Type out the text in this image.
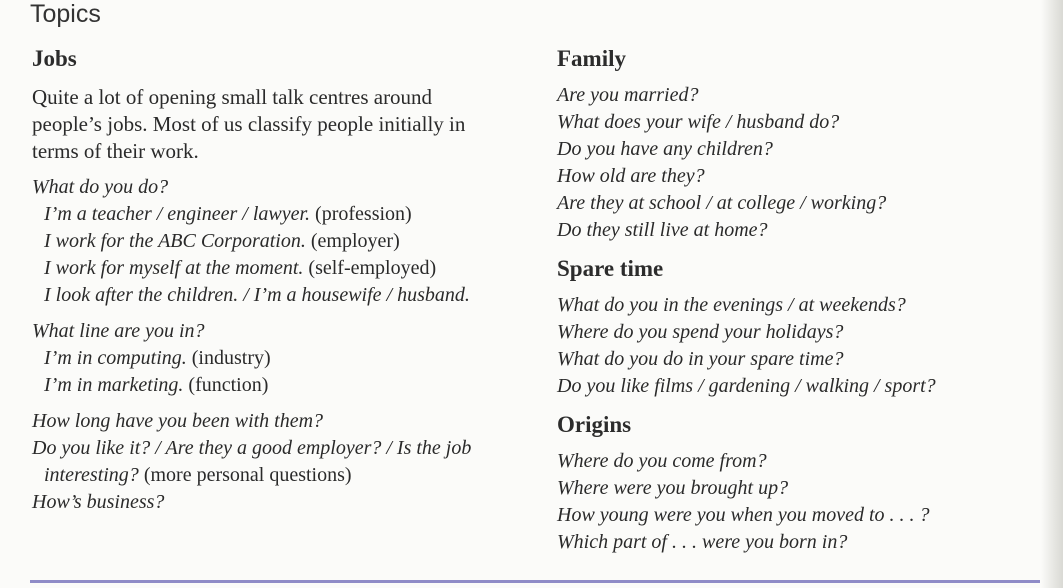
Topics
Jobs
Quite a lot of opening small talk centres around
people’s jobs. Most of us classify people initially in
terms of their work.
What do you do?
I’m a teacher / engineer / lawyer. (profession)
I work for the ABC Corporation. (employer)
I work for myself at the moment. (self-employed)
I look after the children. / I’m a housewife / husband.
What line are you in?
I’m in computing. (industry)
I’m in marketing. (function)
How long have you been with them?
Do you like it? / Are they a good employer? / Is the job
interesting? (more personal questions)
How’s business?
Family
Are you married?
What does your wife / husband do?
Do you have any children?
How old are they?
Are they at school / at college / working?
Do they still live at home?
Spare time
What do you in the evenings / at weekends?
Where do you spend your holidays?
What do you do in your spare time?
Do you like films / gardening / walking / sport?
Origins
Where do you come from?
Where were you brought up?
How young were you when you moved to . . . ?
Which part of . . . were you born in?
